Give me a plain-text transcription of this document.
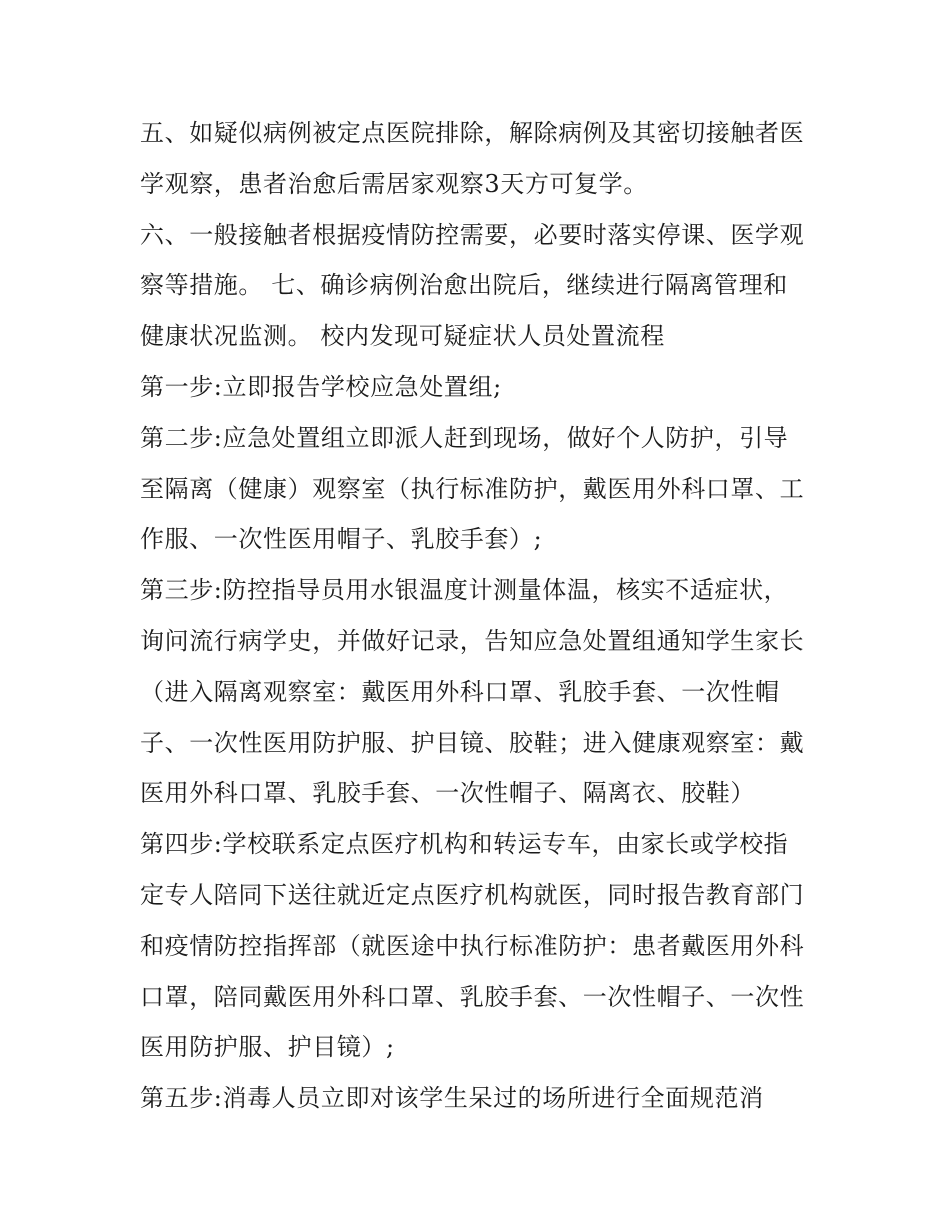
五、如疑似病例被定点医院排除，解除病例及其密切接触者医
学观察，患者治愈后需居家观察3天方可复学。
六、一般接触者根据疫情防控需要，必要时落实停课、医学观
察等措施。 七、确诊病例治愈出院后，继续进行隔离管理和
健康状况监测。 校内发现可疑症状人员处置流程
第一步:立即报告学校应急处置组;
第二步:应急处置组立即派人赶到现场，做好个人防护，引导
至隔离（健康）观察室（执行标准防护，戴医用外科口罩、工
作服、一次性医用帽子、乳胶手套）;
第三步:防控指导员用水银温度计测量体温，核实不适症状，
询问流行病学史，并做好记录，告知应急处置组通知学生家长
（进入隔离观察室：戴医用外科口罩、乳胶手套、一次性帽
子、一次性医用防护服、护目镜、胶鞋；进入健康观察室：戴
医用外科口罩、乳胶手套、一次性帽子、隔离衣、胶鞋）
第四步:学校联系定点医疗机构和转运专车，由家长或学校指
定专人陪同下送往就近定点医疗机构就医，同时报告教育部门
和疫情防控指挥部（就医途中执行标准防护：患者戴医用外科
口罩，陪同戴医用外科口罩、乳胶手套、一次性帽子、一次性
医用防护服、护目镜）;
第五步:消毒人员立即对该学生呆过的场所进行全面规范消
